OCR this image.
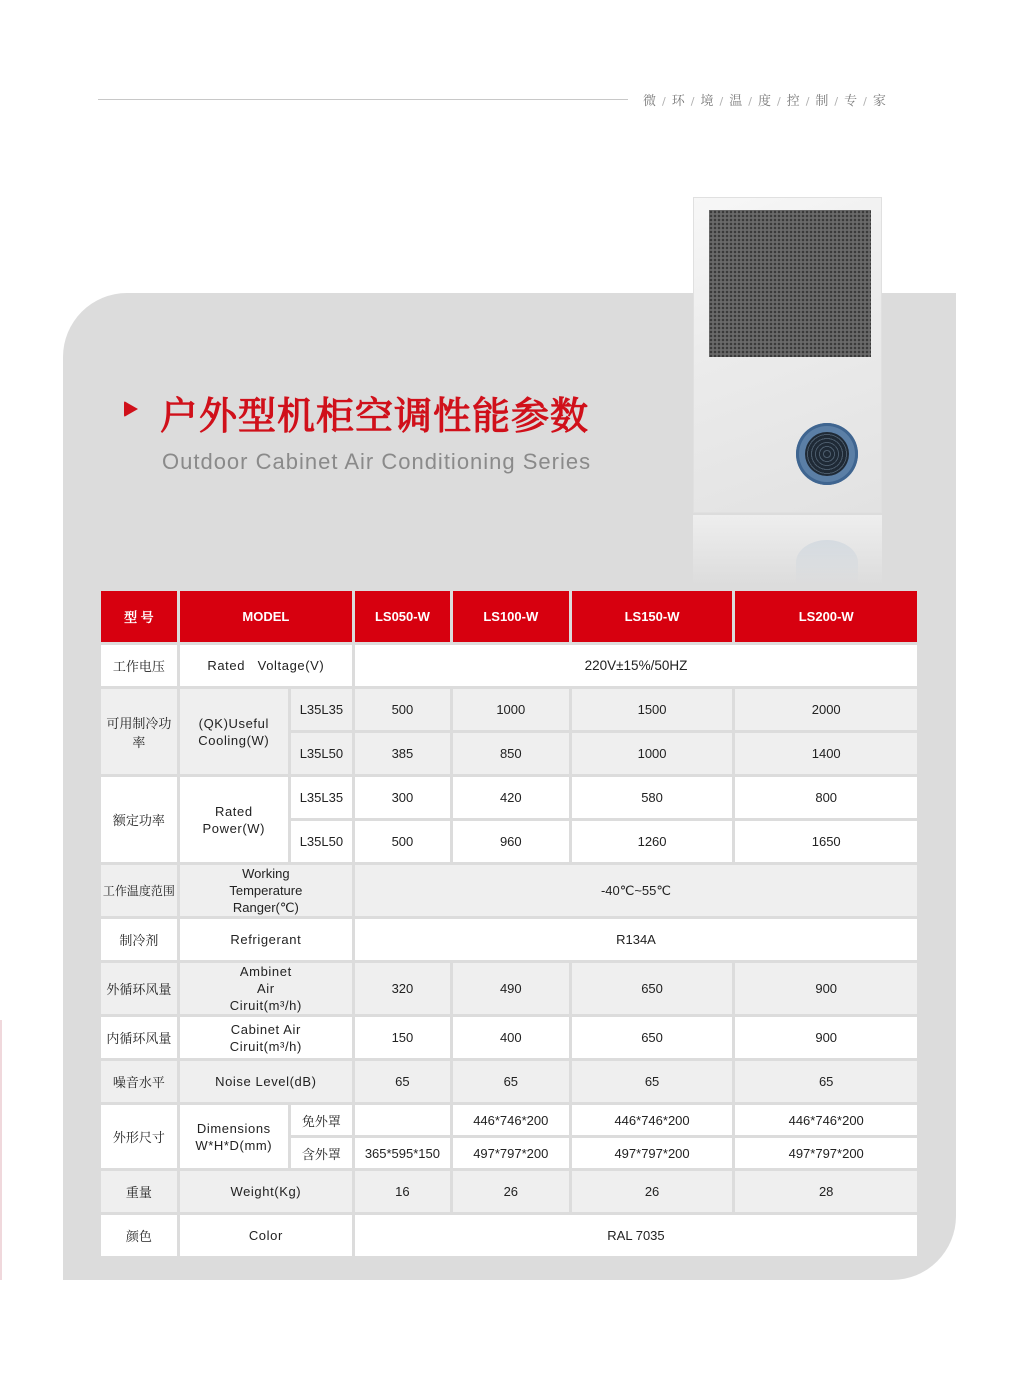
微 / 环 / 境 / 温 / 度 / 控 / 制 / 专 / 家
户外型机柜空调性能参数
Outdoor Cabinet Air Conditioning Series
型 号	MODEL		LS050-W	LS100-W	LS150-W	LS200-W
工作电压	Rated   Voltage(V)		220V±15%/50HZ			
可用制冷功率	(QK)Useful Cooling(W)	L35L35	500	1000	1500	2000
		L35L50	385	850	1000	1400
额定功率	Rated Power(W)	L35L35	300	420	580	800
		L35L50	500	960	1260	1650
工作温度范围	Working Temperature Ranger(℃)		-40℃~55℃			
制冷剂	Refrigerant		R134A			
外循环风量	Ambinet Air Ciruit(m³/h)		320	490	650	900
内循环风量	Cabinet Air Ciruit(m³/h)		150	400	650	900
噪音水平	Noise Level(dB)		65	65	65	65
外形尺寸	Dimensions W*H*D(mm)	免外罩		446*746*200	446*746*200	446*746*200
		含外罩	365*595*150	497*797*200	497*797*200	497*797*200
重量	Weight(Kg)		16	26	26	28
颜色	Color		RAL 7035			
